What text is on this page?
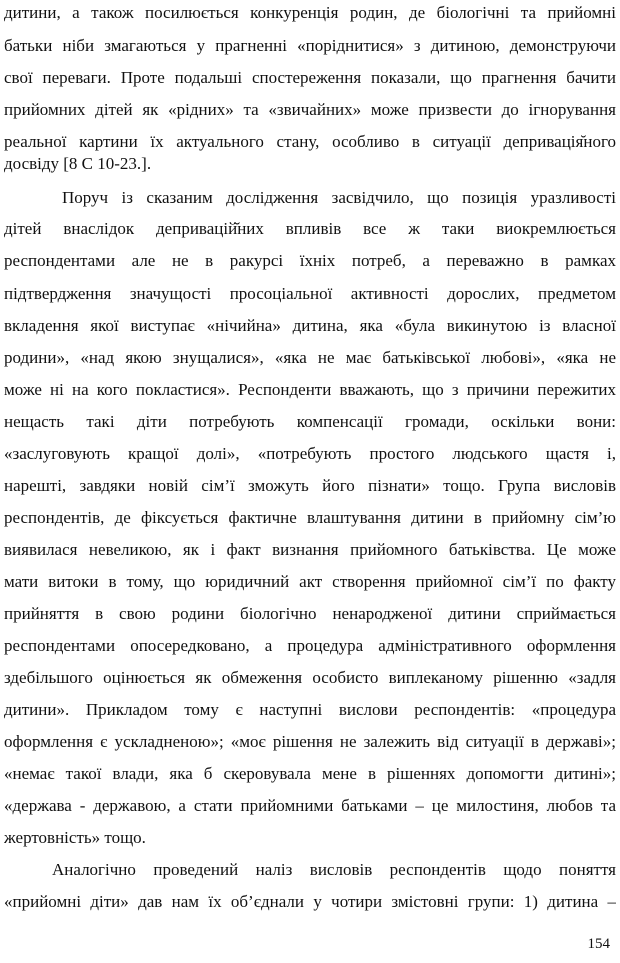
дитини, а також посилюється конкуренція родин, де біологічні та прийомні
батьки ніби змагаються у прагненні «поріднитися» з дитиною, демонструючи
свої переваги. Проте подальші спостереження показали, що прагнення бачити
прийомних дітей як «рідних» та «звичайних» може призвести до ігнорування
реальної картини їх актуального стану, особливо в ситуації депривація̆ного
досвіду [8 С 10-23.].
Поруч із сказаним дослідження засвідчило, що позиція уразливості
дітей внаслідок депривацій̆них впливів все ж таки виокремлюється
респондентами але не в ракурсі їхніх потреб, а переважно в рамках
підтвердження значущості просоціальної активності дорослих, предметом
вкладення якої виступає «нічийна» дитина, яка «була викинутою із власної
родини», «над якою знущалися», «яка не має батьківської любові», «яка не
може ні на кого покластися». Респонденти вважають, що з причини пережитих
нещасть такі діти потребують компенсації громади, оскільки вони:
«заслуговують кращої долі», «потребують простого людського щастя і,
нарешті, завдяки новій сім’ї зможуть його пізнати» тощо. Група висловів
респондентів, де фіксується фактичне влаштування дитини в прийомну сім’ю
виявилася невеликою, як і факт визнання прийомного батьківства. Це може
мати витоки в тому, що юридичний акт створення прийомної сім’ї по факту
прийняття в свою родини біологічно ненародженої дитини сприймається
респондентами опосередковано, а процедура адміністративного оформлення
здебільшого оцінюється як обмеження особисто виплеканому рішенню «задля
дитини». Прикладом тому є наступні вислови респондентів: «процедура
оформлення є ускладненою»; «моє рішення не залежить від ситуації в державі»;
«немає такої влади, яка б скеровувала мене в рішеннях допомогти дитині»;
«держава - державою, а стати прийомними батьками – це милостиня, любов та
жертовність» тощо.
Аналогічно проведений наліз висловів респондентів щодо поняття
«прийомні діти» дав нам їх об’єднали у чотири змістовні групи: 1) дитина –
154
